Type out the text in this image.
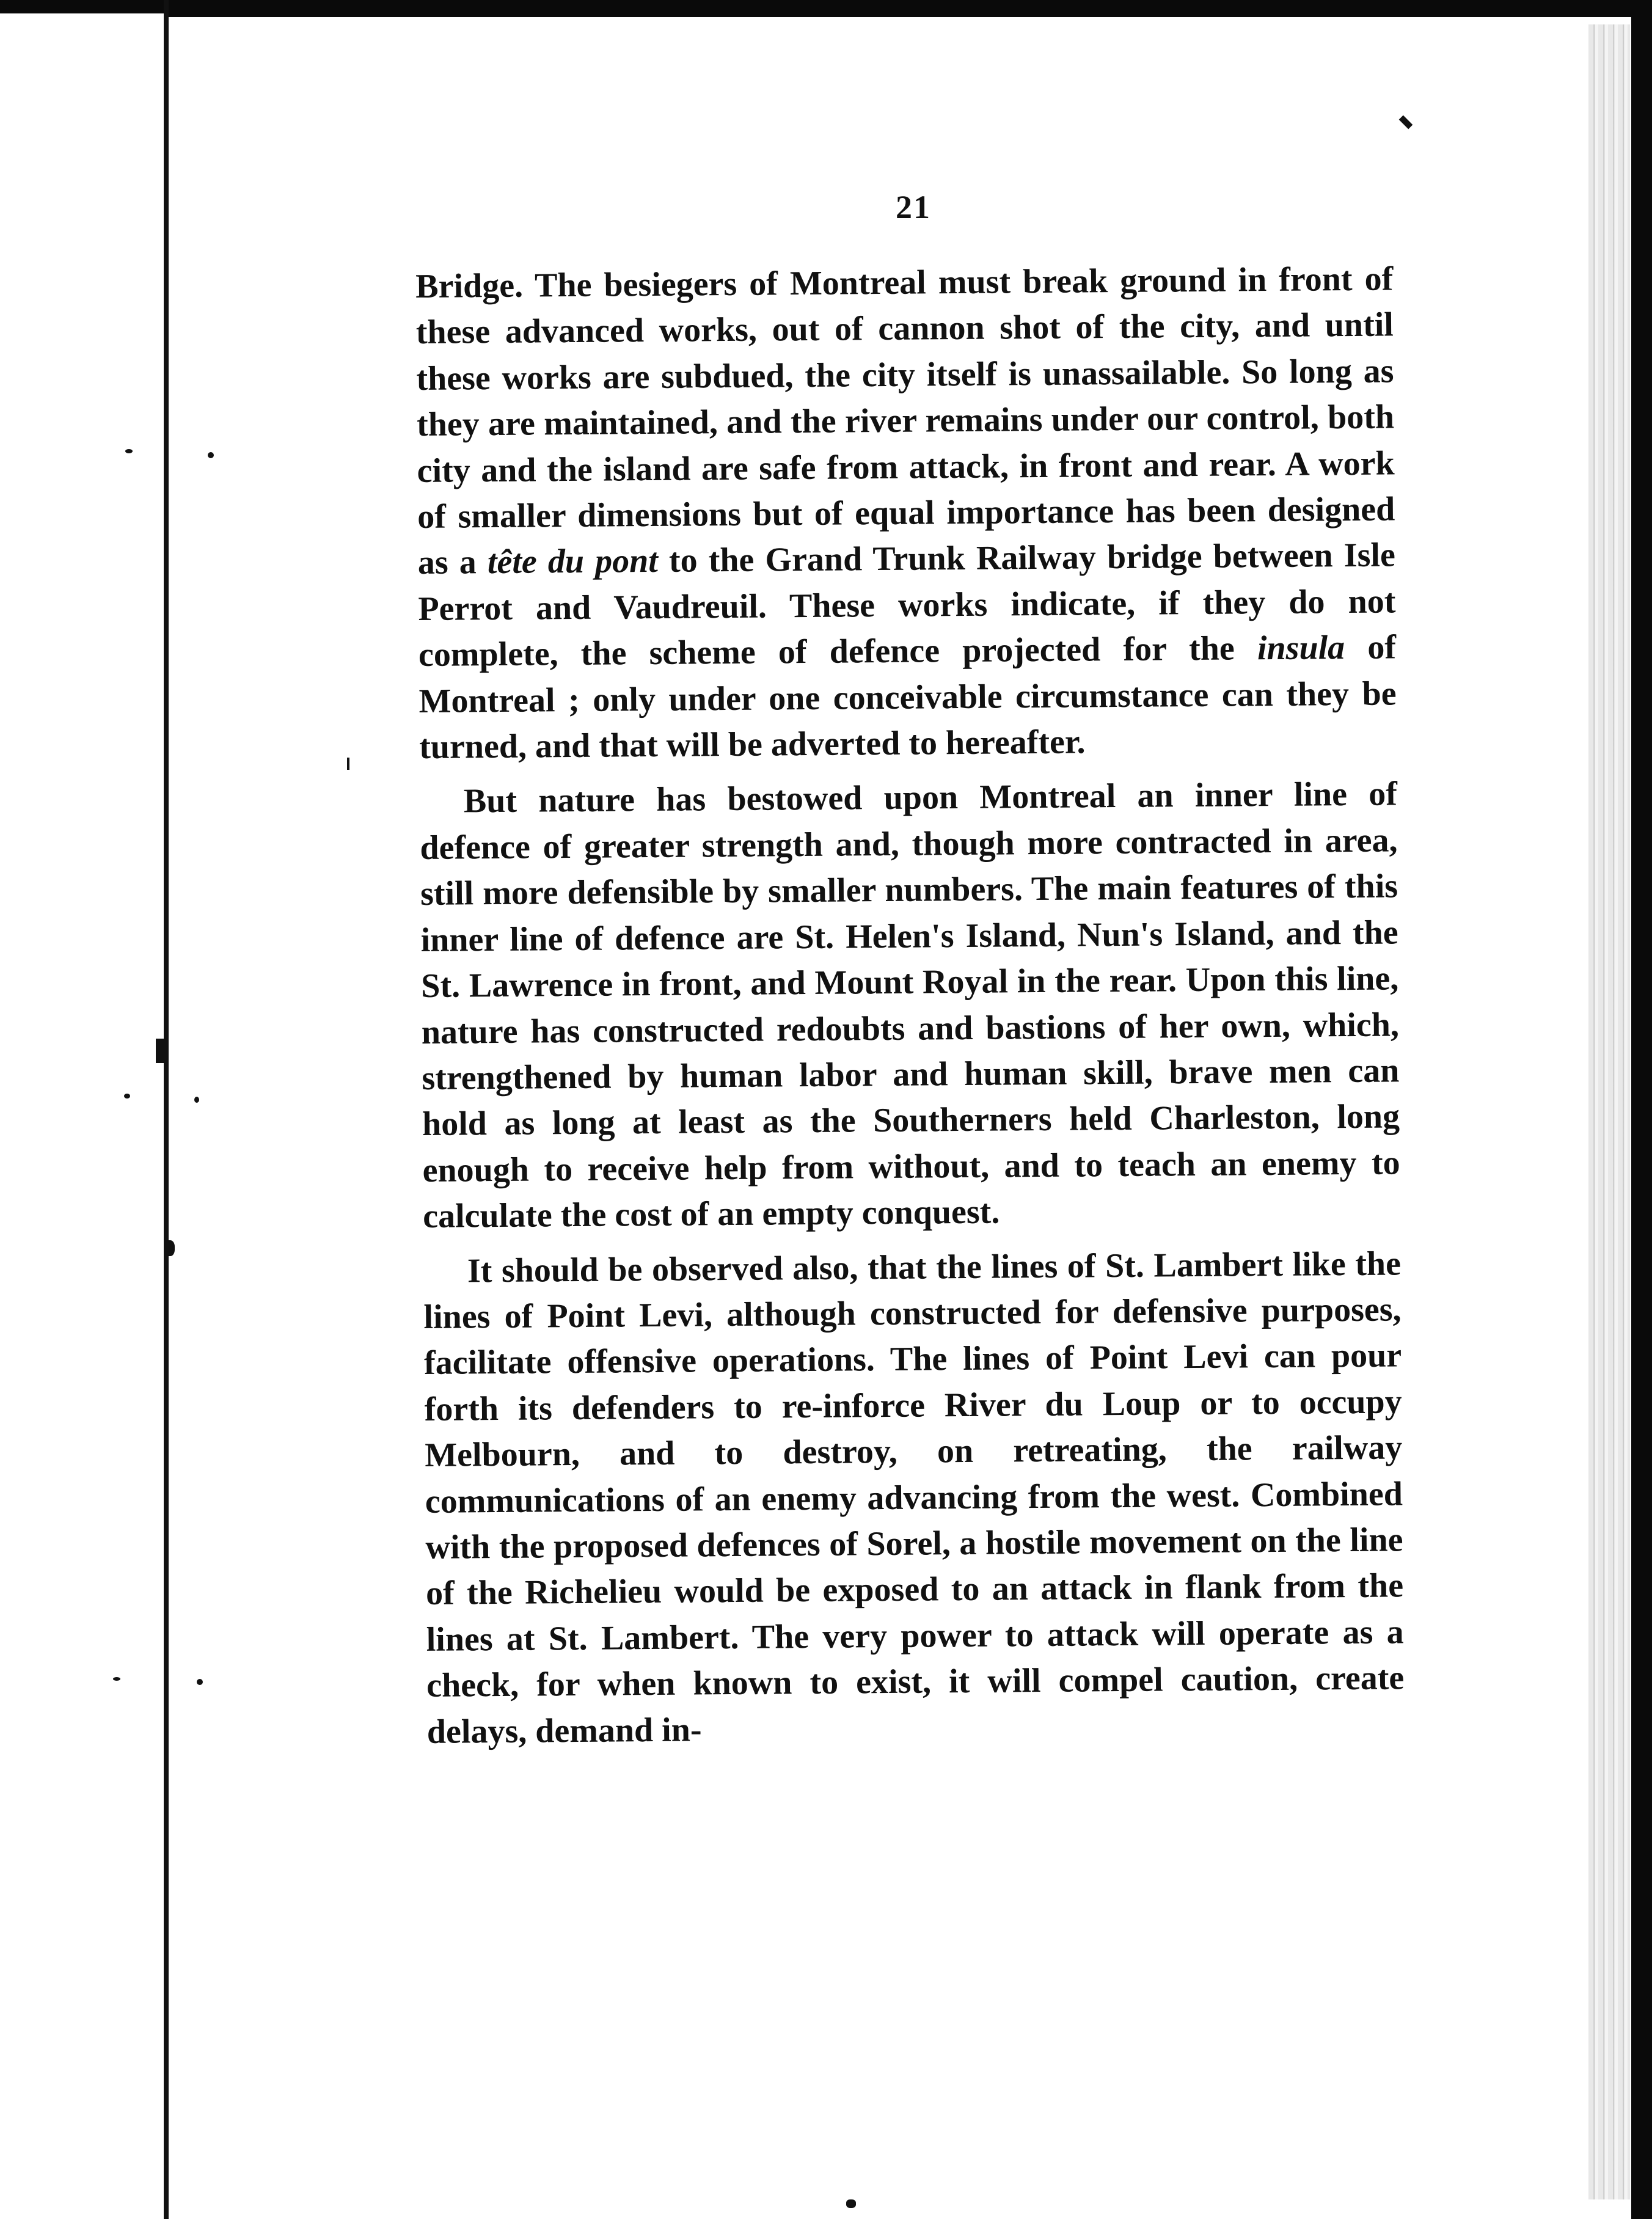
21

Bridge. The besiegers of Montreal must break ground in front of these advanced works, out of cannon shot of the city, and until these works are subdued, the city itself is unassailable. So long as they are maintained, and the river remains under our control, both city and the island are safe from attack, in front and rear. A work of smaller dimensions but of equal importance has been designed as a tête du pont to the Grand Trunk Railway bridge between Isle Perrot and Vaudreuil. These works indicate, if they do not complete, the scheme of defence projected for the insula of Montreal ; only under one conceivable circumstance can they be turned, and that will be adverted to hereafter.

But nature has bestowed upon Montreal an inner line of defence of greater strength and, though more contracted in area, still more defensible by smaller numbers. The main features of this inner line of defence are St. Helen's Island, Nun's Island, and the St. Lawrence in front, and Mount Royal in the rear. Upon this line, nature has constructed redoubts and bastions of her own, which, strengthened by human labor and human skill, brave men can hold as long at least as the Southerners held Charleston, long enough to receive help from without, and to teach an enemy to calculate the cost of an empty conquest.

It should be observed also, that the lines of St. Lambert like the lines of Point Levi, although constructed for defensive purposes, facilitate offensive operations. The lines of Point Levi can pour forth its defenders to re-inforce River du Loup or to occupy Melbourn, and to destroy, on retreating, the railway communications of an enemy advancing from the west. Combined with the proposed defences of Sorel, a hostile movement on the line of the Richelieu would be exposed to an attack in flank from the lines at St. Lambert. The very power to attack will operate as a check, for when known to exist, it will compel caution, create delays, demand in-
